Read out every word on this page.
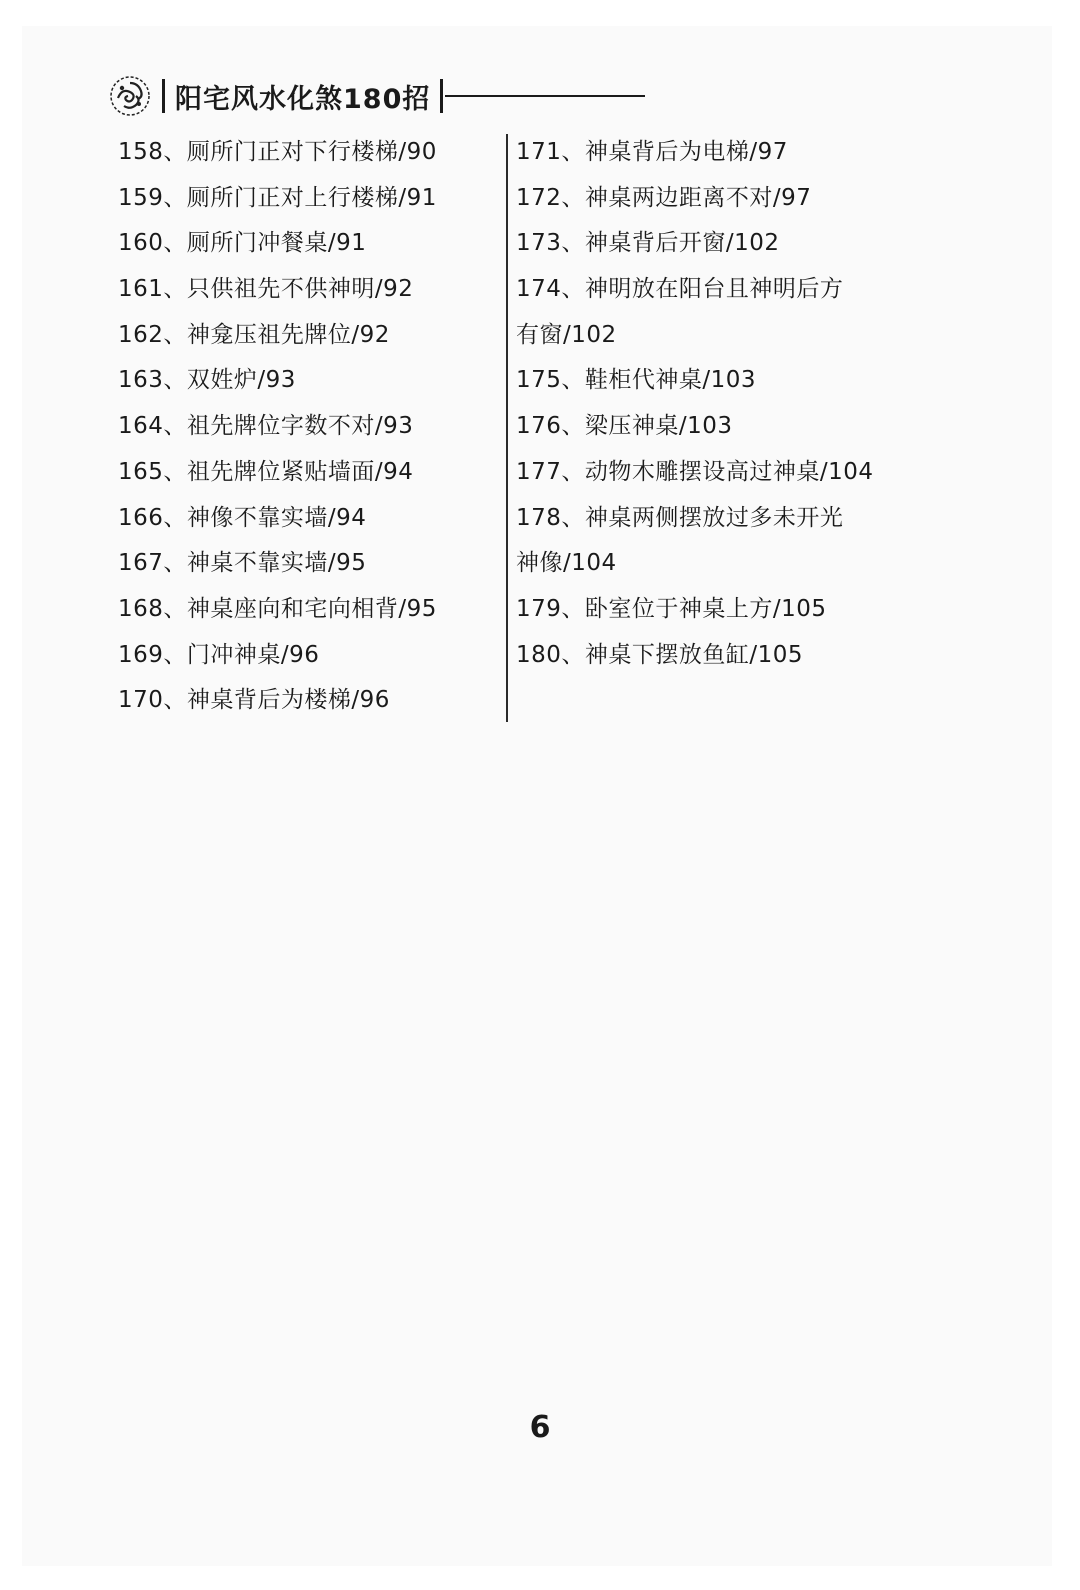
阳宅风水化煞180招
158、厕所门正对下行楼梯/90
159、厕所门正对上行楼梯/91
160、厕所门冲餐桌/91
161、只供祖先不供神明/92
162、神龛压祖先牌位/92
163、双姓炉/93
164、祖先牌位字数不对/93
165、祖先牌位紧贴墙面/94
166、神像不靠实墙/94
167、神桌不靠实墙/95
168、神桌座向和宅向相背/95
169、门冲神桌/96
170、神桌背后为楼梯/96
171、神桌背后为电梯/97
172、神桌两边距离不对/97
173、神桌背后开窗/102
174、神明放在阳台且神明后方
有窗/102
175、鞋柜代神桌/103
176、梁压神桌/103
177、动物木雕摆设高过神桌/104
178、神桌两侧摆放过多未开光
神像/104
179、卧室位于神桌上方/105
180、神桌下摆放鱼缸/105
6
